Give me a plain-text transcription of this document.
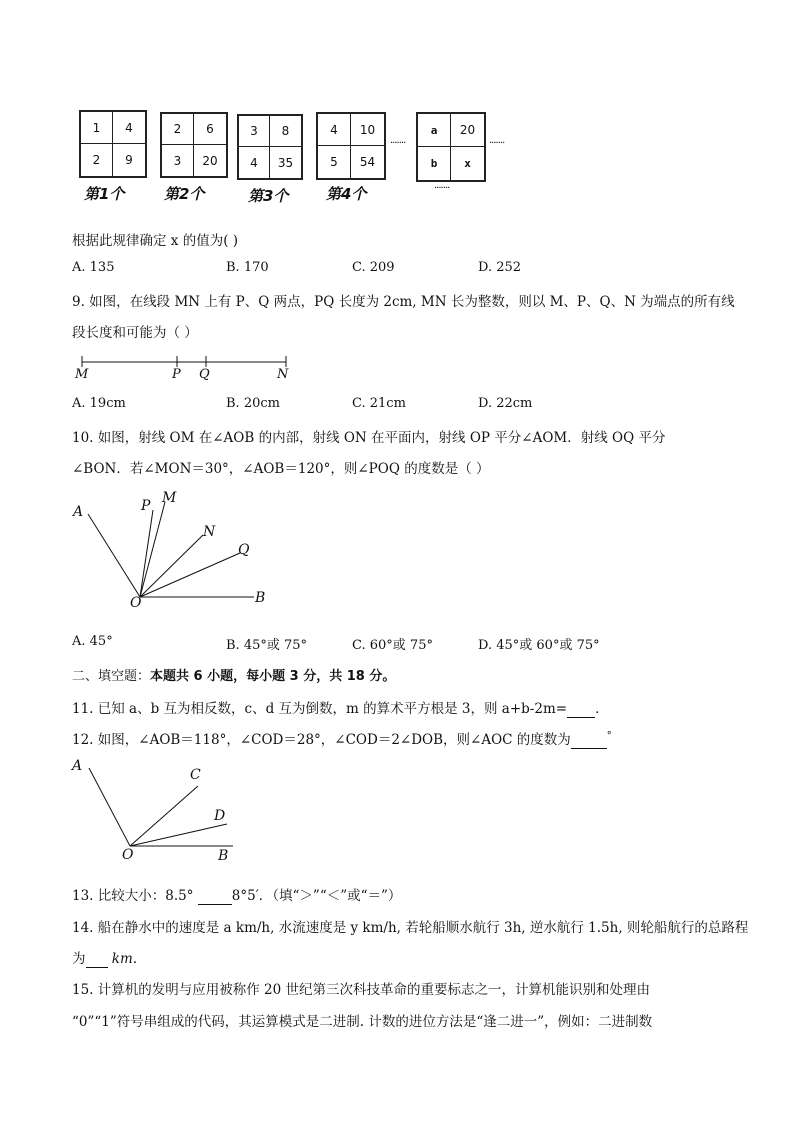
1	4
2	9
2	6
3	20
3	8
4	35
4	10
5	54
a	20
b	x
第1个	第2个	第3个	第4个
·······	·······
·······
根据此规律确定 x 的值为( )
A. 135	B. 170	C. 209	D. 252
9. 如图，在线段 MN 上有 P、Q 两点，PQ 长度为 2cm, MN 长为整数，则以 M、P、Q、N 为端点的所有线
段长度和可能为（ ）
M	P Q	N
A. 19cm	B. 20cm	C. 21cm	D. 22cm
10. 如图，射线 OM 在∠AOB 的内部，射线 ON 在平面内，射线 OP 平分∠AOM．射线 OQ 平分
∠BON．若∠MON＝30°，∠AOB＝120°，则∠POQ 的度数是（ ）
A	P M
N
Q
O	B
A. 45°	B. 45°或 75°	C. 60°或 75°	D. 45°或 60°或 75°
二、填空题：本题共 6 小题，每小题 3 分，共 18 分。
11. 已知 a、b 互为相反数，c、d 互为倒数，m 的算术平方根是 3，则 a+b-2m= ．
12. 如图，∠AOB＝118°，∠COD＝28°，∠COD＝2∠DOB，则∠AOC 的度数为	°
A
C
D
O	B
13. 比较大小：8.5°	8°5′．（填“＞”“＜”或“＝”）
14. 船在静水中的速度是 a km/h, 水流速度是 y km/h, 若轮船顺水航行 3h, 逆水航行 1.5h, 则轮船航行的总路程
为 km.
15. 计算机的发明与应用被称作 20 世纪第三次科技革命的重要标志之一，计算机能识别和处理由
“0”“1”符号串组成的代码，其运算模式是二进制. 计数的进位方法是“逢二进一”，例如：二进制数
